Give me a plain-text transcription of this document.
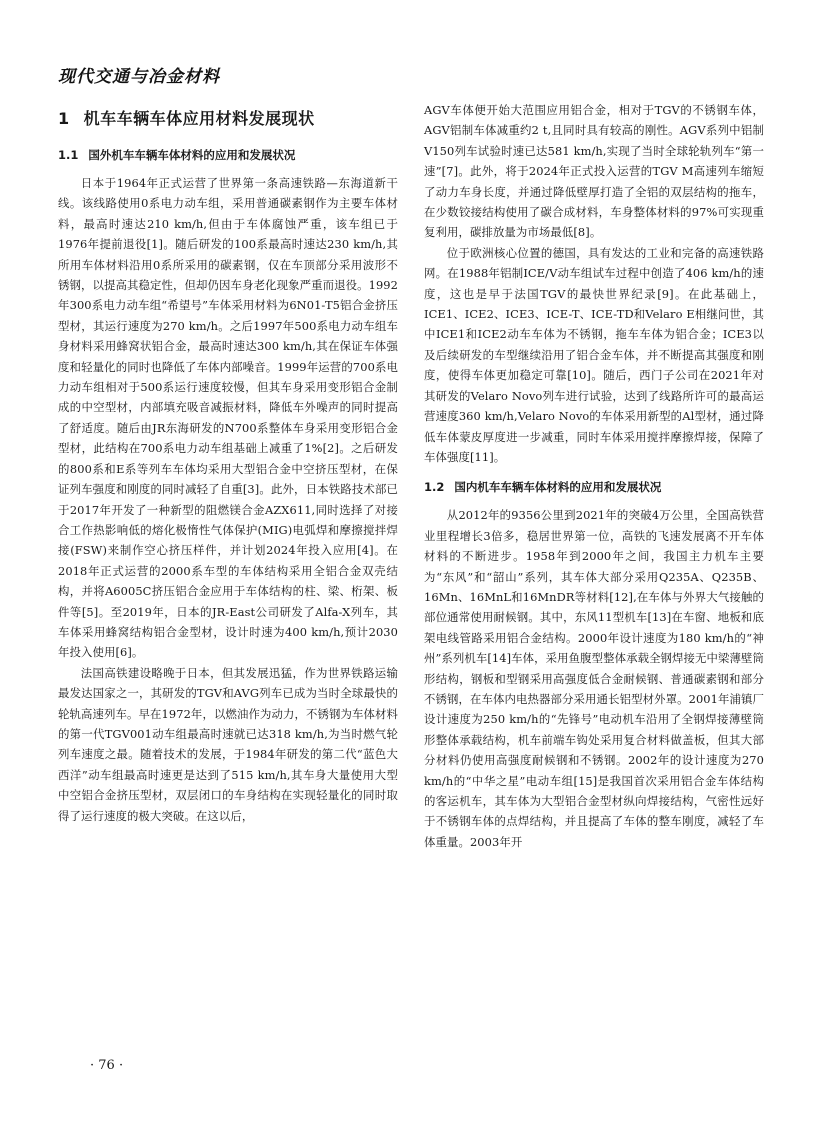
现代交通与冶金材料
1 机车车辆车体应用材料发展现状
1.1 国外机车车辆车体材料的应用和发展状况

日本于1964年正式运营了世界第一条高速铁路—东海道新干线。该线路使用0系电力动车组，采用普通碳素钢作为主要车体材料，最高时速达210 km/h,但由于车体腐蚀严重，该车组已于1976年提前退役[1]。随后研发的100系最高时速达230 km/h,其所用车体材料沿用0系所采用的碳素钢，仅在车顶部分采用波形不锈钢，以提高其稳定性，但却仍因车身老化现象严重而退役。1992年300系电力动车组“希望号”车体采用材料为6N01-T5铝合金挤压型材，其运行速度为270 km/h。之后1997年500系电力动车组车身材料采用蜂窝状铝合金，最高时速达300 km/h,其在保证车体强度和轻量化的同时也降低了车体内部噪音。1999年运营的700系电力动车组相对于500系运行速度较慢，但其车身采用变形铝合金制成的中空型材，内部填充吸音减振材料，降低车外噪声的同时提高了舒适度。随后由JR东海研发的N700系整体车身采用变形铝合金型材，此结构在700系电力动车组基础上减重了1%[2]。之后研发的800系和E系等列车车体均采用大型铝合金中空挤压型材，在保证列车强度和刚度的同时减轻了自重[3]。此外，日本铁路技术部已于2017年开发了一种新型的阻燃镁合金AZX611,同时选择了对接合工作热影响低的熔化极惰性气体保护(MIG)电弧焊和摩擦搅拌焊接(FSW)来制作空心挤压样件，并计划2024年投入应用[4]。在2018年正式运营的2000系车型的车体结构采用全铝合金双壳结构，并将A6005C挤压铝合金应用于车体结构的柱、梁、桁架、板件等[5]。至2019年，日本的JR-East公司研发了Alfa-X列车，其车体采用蜂窝结构铝合金型材，设计时速为400 km/h,预计2030年投入使用[6]。

法国高铁建设略晚于日本，但其发展迅猛，作为世界铁路运输最发达国家之一，其研发的TGV和AVG列车已成为当时全球最快的轮轨高速列车。早在1972年，以燃油作为动力，不锈钢为车体材料的第一代TGV001动车组最高时速就已达318 km/h,为当时燃气轮列车速度之最。随着技术的发展，于1984年研发的第二代“蓝色大西洋”动车组最高时速更是达到了515 km/h,其车身大量使用大型中空铝合金挤压型材，双层闭口的车身结构在实现轻量化的同时取得了运行速度的极大突破。在这以后，

AGV车体便开始大范围应用铝合金，相对于TGV的不锈钢车体，AGV铝制车体减重约2 t,且同时具有较高的刚性。AGV系列中铝制V150列车试验时速已达581 km/h,实现了当时全球轮轨列车“第一速”[7]。此外，将于2024年正式投入运营的TGV M高速列车缩短了动力车身长度，并通过降低壁厚打造了全铝的双层结构的拖车，在少数铰接结构使用了碳合成材料，车身整体材料的97%可实现重复利用，碳排放量为市场最低[8]。

位于欧洲核心位置的德国，具有发达的工业和完备的高速铁路网。在1988年铝制ICE/V动车组试车过程中创造了406 km/h的速度，这也是早于法国TGV的最快世界纪录[9]。在此基础上，ICE1、ICE2、ICE3、ICE-T、ICE-TD和Velaro E相继问世，其中ICE1和ICE2动车车体为不锈钢，拖车车体为铝合金；ICE3以及后续研发的车型继续沿用了铝合金车体，并不断提高其强度和刚度，使得车体更加稳定可靠[10]。随后，西门子公司在2021年对其研发的Velaro Novo列车进行试验，达到了线路所许可的最高运营速度360 km/h,Velaro Novo的车体采用新型的Al型材，通过降低车体蒙皮厚度进一步减重，同时车体采用搅拌摩擦焊接，保障了车体强度[11]。

1.2 国内机车车辆车体材料的应用和发展状况

从2012年的9356公里到2021年的突破4万公里，全国高铁营业里程增长3倍多，稳居世界第一位，高铁的飞速发展离不开车体材料的不断进步。1958年到2000年之间，我国主力机车主要为“东风”和“韶山”系列，其车体大部分采用Q235A、Q235B、16Mn、16MnL和16MnDR等材料[12],在车体与外界大气接触的部位通常使用耐候钢。其中，东风11型机车[13]在车窗、地板和底架电线管路采用铝合金结构。2000年设计速度为180 km/h的“神州”系列机车[14]车体，采用鱼腹型整体承载全钢焊接无中梁薄壁筒形结构，钢板和型钢采用高强度低合金耐候钢、普通碳素钢和部分不锈钢，在车体内电热器部分采用通长铝型材外罩。2001年浦镇厂设计速度为250 km/h的“先锋号”电动机车沿用了全钢焊接薄壁筒形整体承载结构，机车前端车钩处采用复合材料做盖板，但其大部分材料仍使用高强度耐候钢和不锈钢。2002年的设计速度为270 km/h的“中华之星”电动车组[15]是我国首次采用铝合金车体结构的客运机车，其车体为大型铝合金型材纵向焊接结构，气密性远好于不锈钢车体的点焊结构，并且提高了车体的整车刚度，减轻了车体重量。2003年开

· 76 ·
